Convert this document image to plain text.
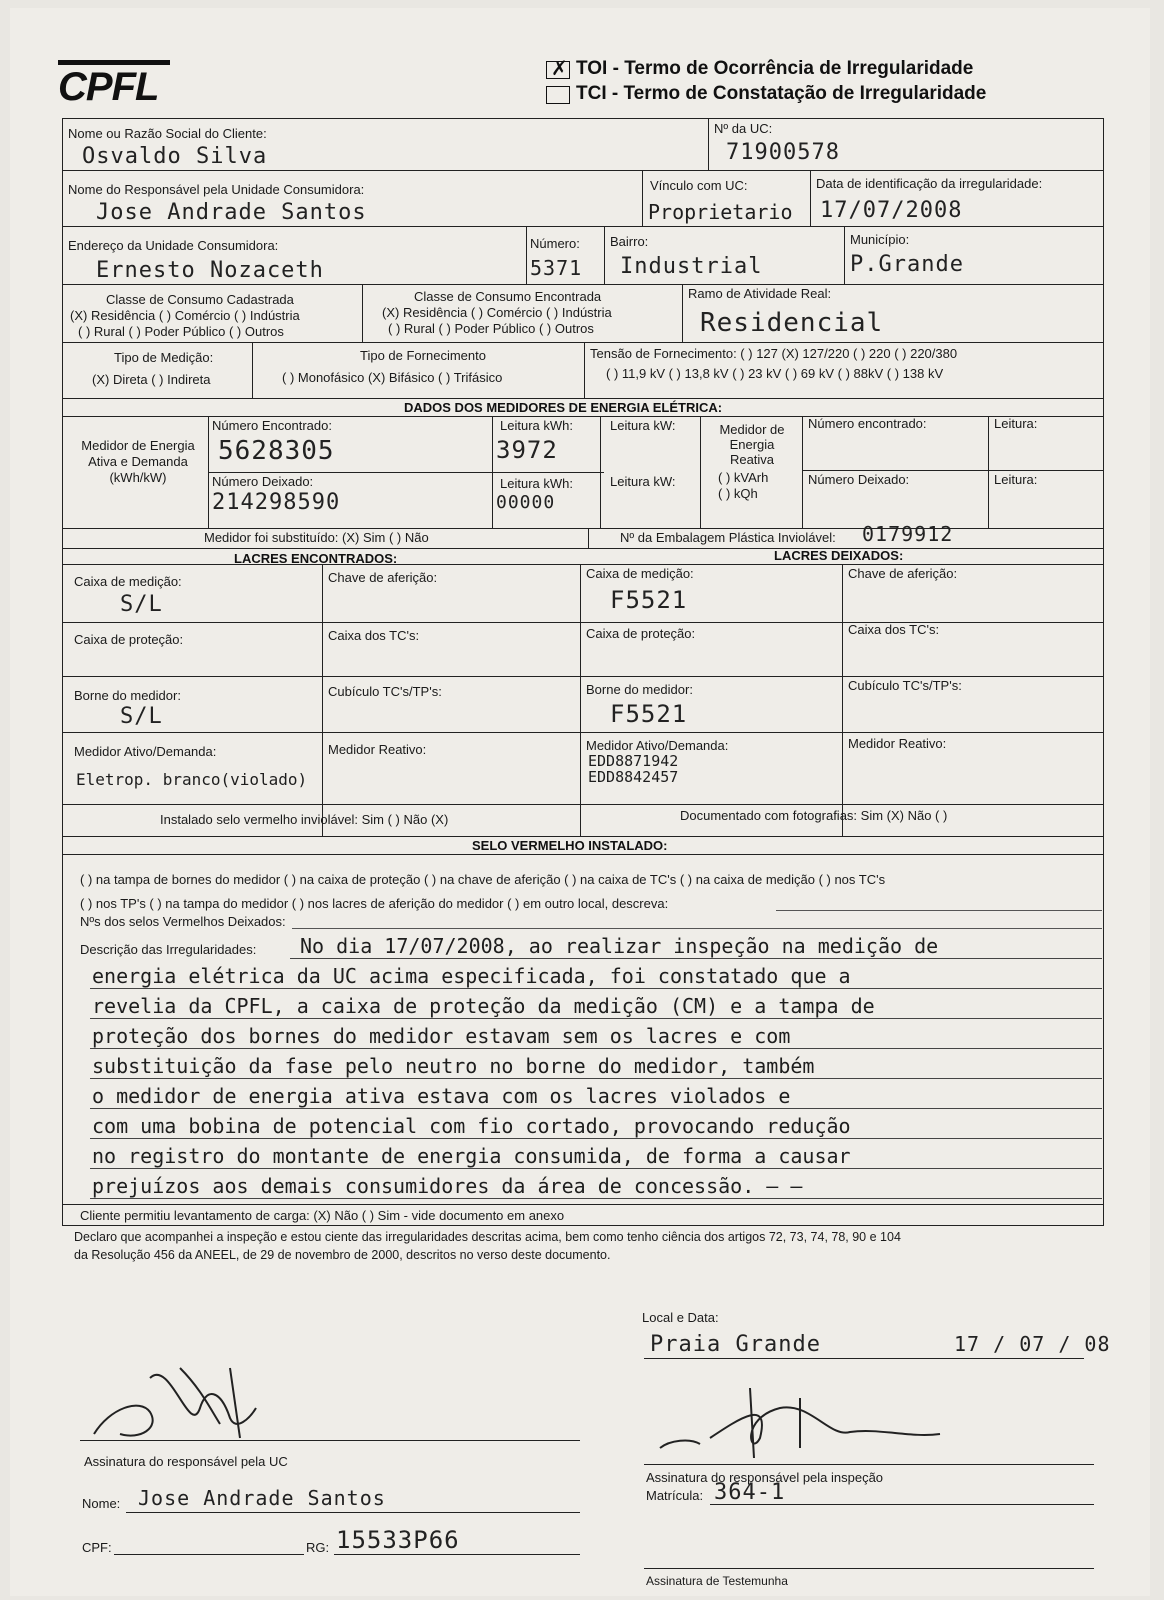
CPFL	✗ TOI - Termo de Ocorrência de Irregularidade
TCI - Termo de Constatação de Irregularidade
Nome ou Razão Social do Cliente:
Osvaldo Silva
Nº da UC:
71900578
Nome do Responsável pela Unidade Consumidora:
Jose Andrade Santos
Vínculo com UC:
Proprietario
Data de identificação da irregularidade:
17/07/2008
Endereço da Unidade Consumidora:
Ernesto Nozaceth
Número:
5371
Bairro:
Industrial
Município:
P.Grande
Classe de Consumo Cadastrada
(X) Residência ( ) Comércio ( ) Indústria
( ) Rural ( ) Poder Público ( ) Outros
Classe de Consumo Encontrada
(X) Residência ( ) Comércio ( ) Indústria
( ) Rural ( ) Poder Público ( ) Outros
Ramo de Atividade Real:
Residencial
Tipo de Medição:
(X) Direta ( ) Indireta
Tipo de Fornecimento
( ) Monofásico (X) Bifásico ( ) Trifásico
Tensão de Fornecimento: ( ) 127 (X) 127/220 ( ) 220 ( ) 220/380
( ) 11,9 kV ( ) 13,8 kV ( ) 23 kV ( ) 69 kV ( ) 88kV ( ) 138 kV
DADOS DOS MEDIDORES DE ENERGIA ELÉTRICA:
Medidor de Energia
Ativa e Demanda
(kWh/kW)
Número Encontrado:
5628305
Número Deixado:
214298590
Leitura kWh:
3972
Leitura kWh:
00000
Leitura kW:
Leitura kW:
Medidor de
Energia
Reativa
( ) kVArh
( ) kQh
Número encontrado:	Leitura:
Número Deixado:	Leitura:
Medidor foi substituído: (X) Sim ( ) Não	Nº da Embalagem Plástica Inviolável: 0179912
LACRES ENCONTRADOS:	LACRES DEIXADOS:
Caixa de medição:
S/L
Chave de aferição:	Caixa de medição:
F5521
Chave de aferição:
Caixa de proteção:	Caixa dos TC's:	Caixa de proteção:	Caixa dos TC's:
Borne do medidor:
S/L
Cubículo TC's/TP's:	Borne do medidor:
F5521
Cubículo TC's/TP's:
Medidor Ativo/Demanda:
Eletrop. branco(violado)
Medidor Reativo:	Medidor Ativo/Demanda:
EDD8871942
EDD8842457
Medidor Reativo:
Instalado selo vermelho inviolável: Sim ( ) Não (X)	Documentado com fotografias: Sim (X) Não ( )
SELO VERMELHO INSTALADO:
( ) na tampa de bornes do medidor ( ) na caixa de proteção ( ) na chave de aferição ( ) na caixa de TC's ( ) na caixa de medição ( ) nos TC's
( ) nos TP's ( ) na tampa do medidor ( ) nos lacres de aferição do medidor ( ) em outro local, descreva:
Nºs dos selos Vermelhos Deixados:
Descrição das Irregularidades: No dia 17/07/2008, ao realizar inspeção na medição de
energia elétrica da UC acima especificada, foi constatado que a
revelia da CPFL, a caixa de proteção da medição (CM) e a tampa de
proteção dos bornes do medidor estavam sem os lacres e com
substituição da fase pelo neutro no borne do medidor, também
o medidor de energia ativa estava com os lacres violados e
com uma bobina de potencial com fio cortado, provocando redução
no registro do montante de energia consumida, de forma a causar
prejuízos aos demais consumidores da área de concessão. — —
Cliente permitiu levantamento de carga: (X) Não ( ) Sim - vide documento em anexo
Declaro que acompanhei a inspeção e estou ciente das irregularidades descritas acima, bem como tenho ciência dos artigos 72, 73, 74, 78, 90 e 104
da Resolução 456 da ANEEL, de 29 de novembro de 2000, descritos no verso deste documento.
Local e Data:
Praia Grande	17 / 07 / 08
Assinatura do responsável pela UC
Assinatura do responsável pela inspeção
Nome: Jose Andrade Santos	Matrícula: 364-1
CPF:	RG: 15533P66
Assinatura de Testemunha
